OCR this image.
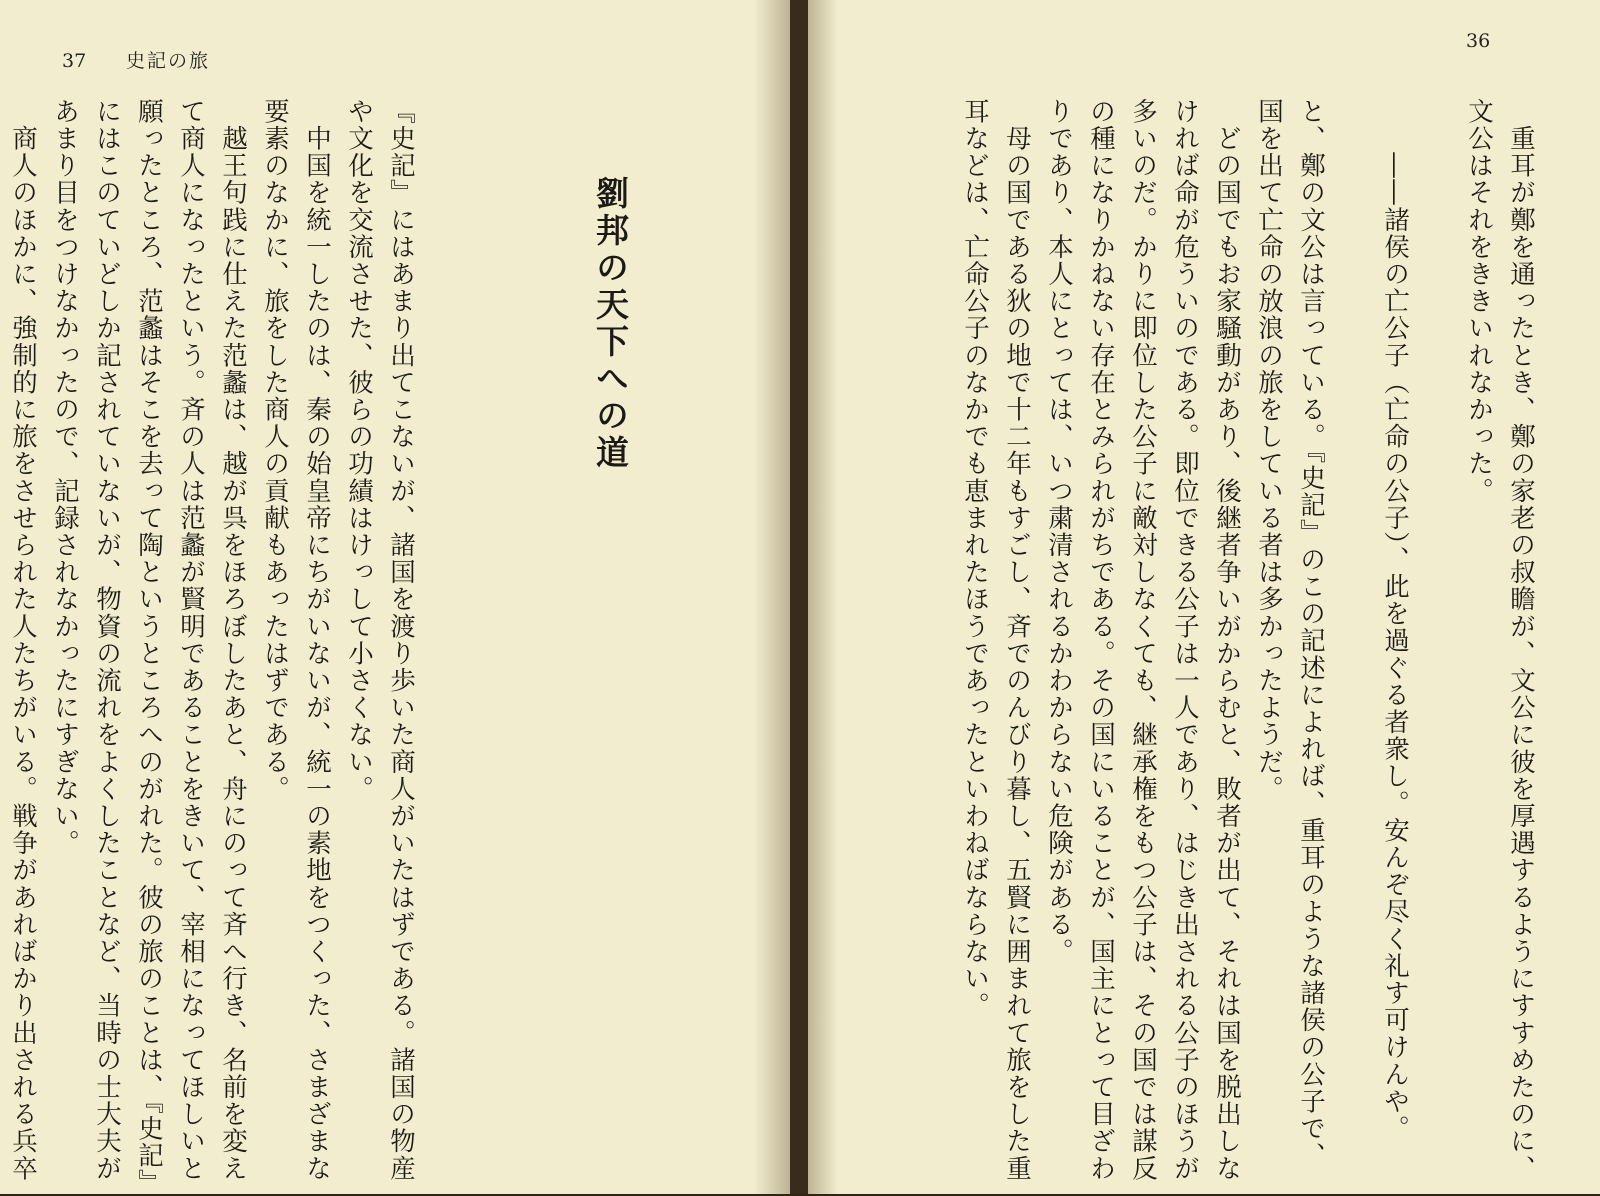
37 史記の旅
劉邦の天下への道
『史記』にはあまり出てこないが、諸国を渡り歩いた商人がいたはずである。諸国の物産
や文化を交流させた、彼らの功績はけっして小さくない。
　中国を統一したのは、秦の始皇帝にちがいないが、統一の素地をつくった、さまざまな
要素のなかに、旅をした商人の貢献もあったはずである。
　越王句践に仕えた范蠡は、越が呉をほろぼしたあと、舟にのって斉へ行き、名前を変え
て商人になったという。斉の人は范蠡が賢明であることをきいて、宰相になってほしいと
願ったところ、范蠡はそこを去って陶というところへのがれた。彼の旅のことは、『史記』
にはこのていどしか記されていないが、物資の流れをよくしたことなど、当時の士大夫が
あまり目をつけなかったので、記録されなかったにすぎない。
　商人のほかに、強制的に旅をさせられた人たちがいる。戦争があればかり出される兵卒
36
　重耳が鄭を通ったとき、鄭の家老の叔瞻が、文公に彼を厚遇するようにすすめたのに、
文公はそれをききいれなかった。

　　――諸侯の亡公子（亡命の公子）、此を過ぐる者衆し。安んぞ尽く礼す可けんや。

と、鄭の文公は言っている。『史記』のこの記述によれば、重耳のような諸侯の公子で、
国を出て亡命の放浪の旅をしている者は多かったようだ。
　どの国でもお家騒動があり、後継者争いがからむと、敗者が出て、それは国を脱出しな
ければ命が危ういのである。即位できる公子は一人であり、はじき出される公子のほうが
多いのだ。かりに即位した公子に敵対しなくても、継承権をもつ公子は、その国では謀反
の種になりかねない存在とみられがちである。その国にいることが、国主にとって目ざわ
りであり、本人にとっては、いつ粛清されるかわからない危険がある。
　母の国である狄の地で十二年もすごし、斉でのんびり暮し、五賢に囲まれて旅をした重
耳などは、亡命公子のなかでも恵まれたほうであったといわねばならない。
